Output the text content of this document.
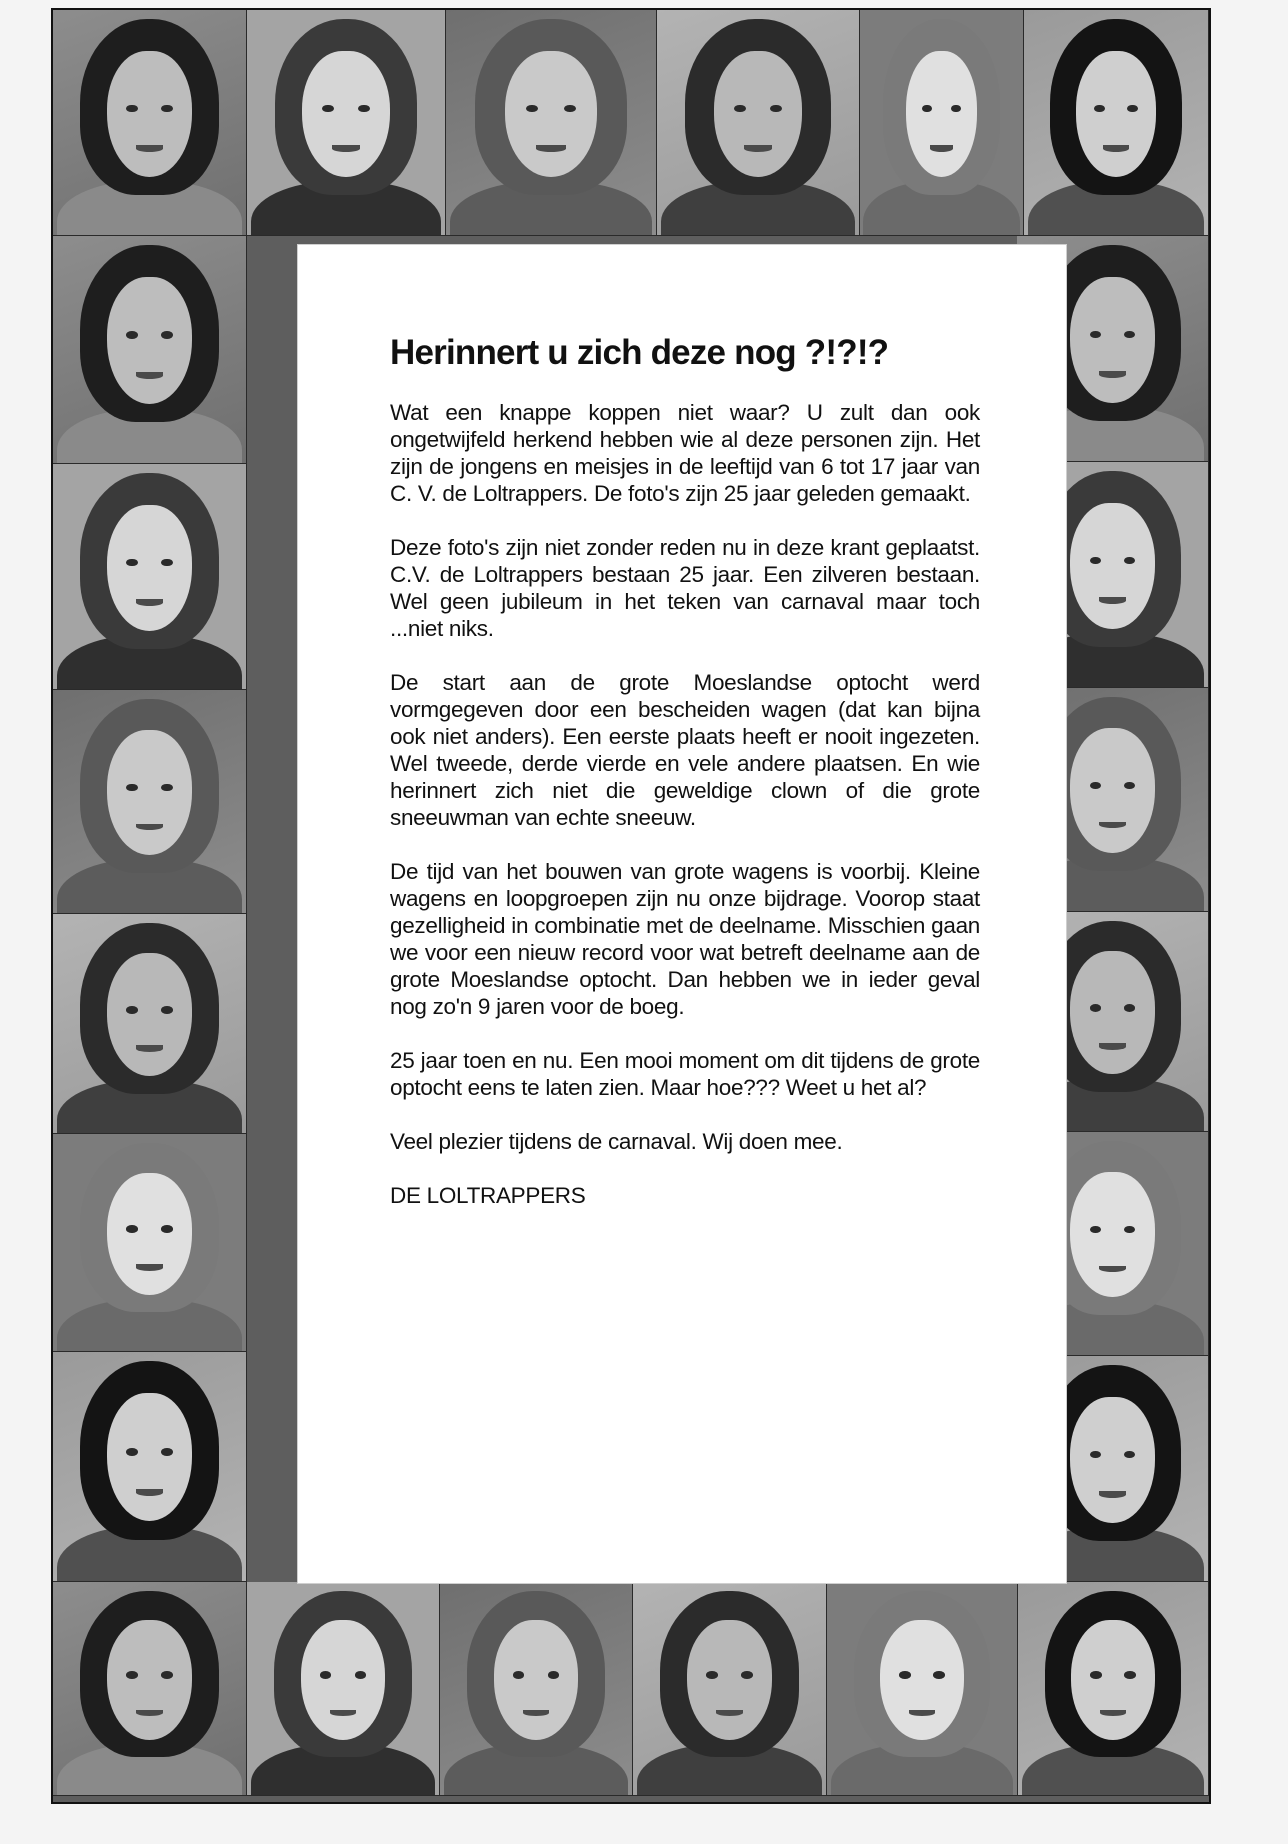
Herinnert u zich deze nog ?!?!?

Wat een knappe koppen niet waar? U zult dan ook ongetwijfeld herkend hebben wie al deze personen zijn. Het zijn de jongens en meisjes in de leeftijd van 6 tot 17 jaar van C. V. de Loltrappers. De foto's zijn 25 jaar geleden gemaakt.

Deze foto's zijn niet zonder reden nu in deze krant geplaatst. C.V. de Loltrappers bestaan 25 jaar. Een zilveren bestaan. Wel geen jubileum in het teken van carnaval maar toch ...niet niks.

De start aan de grote Moeslandse optocht werd vormgegeven door een bescheiden wagen (dat kan bijna ook niet anders). Een eerste plaats heeft er nooit ingezeten. Wel tweede, derde vierde en vele andere plaatsen. En wie herinnert zich niet die geweldige clown of die grote sneeuwman van echte sneeuw.

De tijd van het bouwen van grote wagens is voorbij. Kleine wagens en loopgroepen zijn nu onze bijdrage. Voorop staat gezelligheid in combinatie met de deelname. Misschien gaan we voor een nieuw record voor wat betreft deelname aan de grote Moeslandse optocht. Dan hebben we in ieder geval nog zo'n 9 jaren voor de boeg.

25 jaar toen en nu. Een mooi moment om dit tijdens de grote optocht eens te laten zien. Maar hoe??? Weet u het al?

Veel plezier tijdens de carnaval. Wij doen mee.

DE LOLTRAPPERS
